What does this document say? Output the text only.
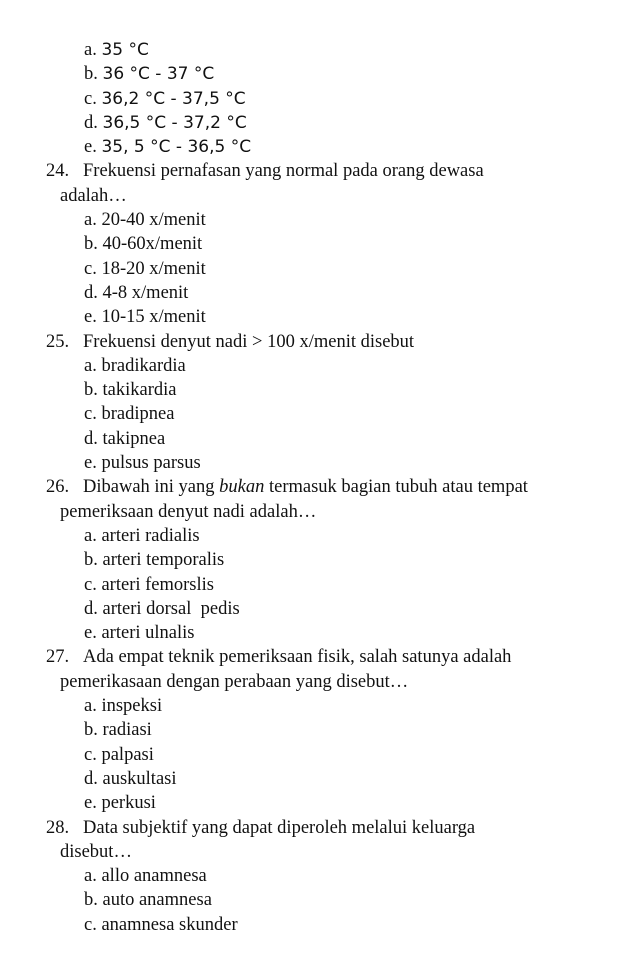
a. 35 °C
b. 36 °C - 37 °C
c. 36,2 °C - 37,5 °C
d. 36,5 °C - 37,2 °C
e. 35, 5 °C - 36,5 °C
24. Frekuensi pernafasan yang normal pada orang dewasa
adalah…
a. 20-40 x/menit
b. 40-60x/menit
c. 18-20 x/menit
d. 4-8 x/menit
e. 10-15 x/menit
25. Frekuensi denyut nadi > 100 x/menit disebut
a. bradikardia
b. takikardia
c. bradipnea
d. takipnea
e. pulsus parsus
26. Dibawah ini yang bukan termasuk bagian tubuh atau tempat
pemeriksaan denyut nadi adalah…
a. arteri radialis
b. arteri temporalis
c. arteri femorslis
d. arteri dorsal  pedis
e. arteri ulnalis
27. Ada empat teknik pemeriksaan fisik, salah satunya adalah
pemerikasaan dengan perabaan yang disebut…
a. inspeksi
b. radiasi
c. palpasi
d. auskultasi
e. perkusi
28. Data subjektif yang dapat diperoleh melalui keluarga
disebut…
a. allo anamnesa
b. auto anamnesa
c. anamnesa skunder
